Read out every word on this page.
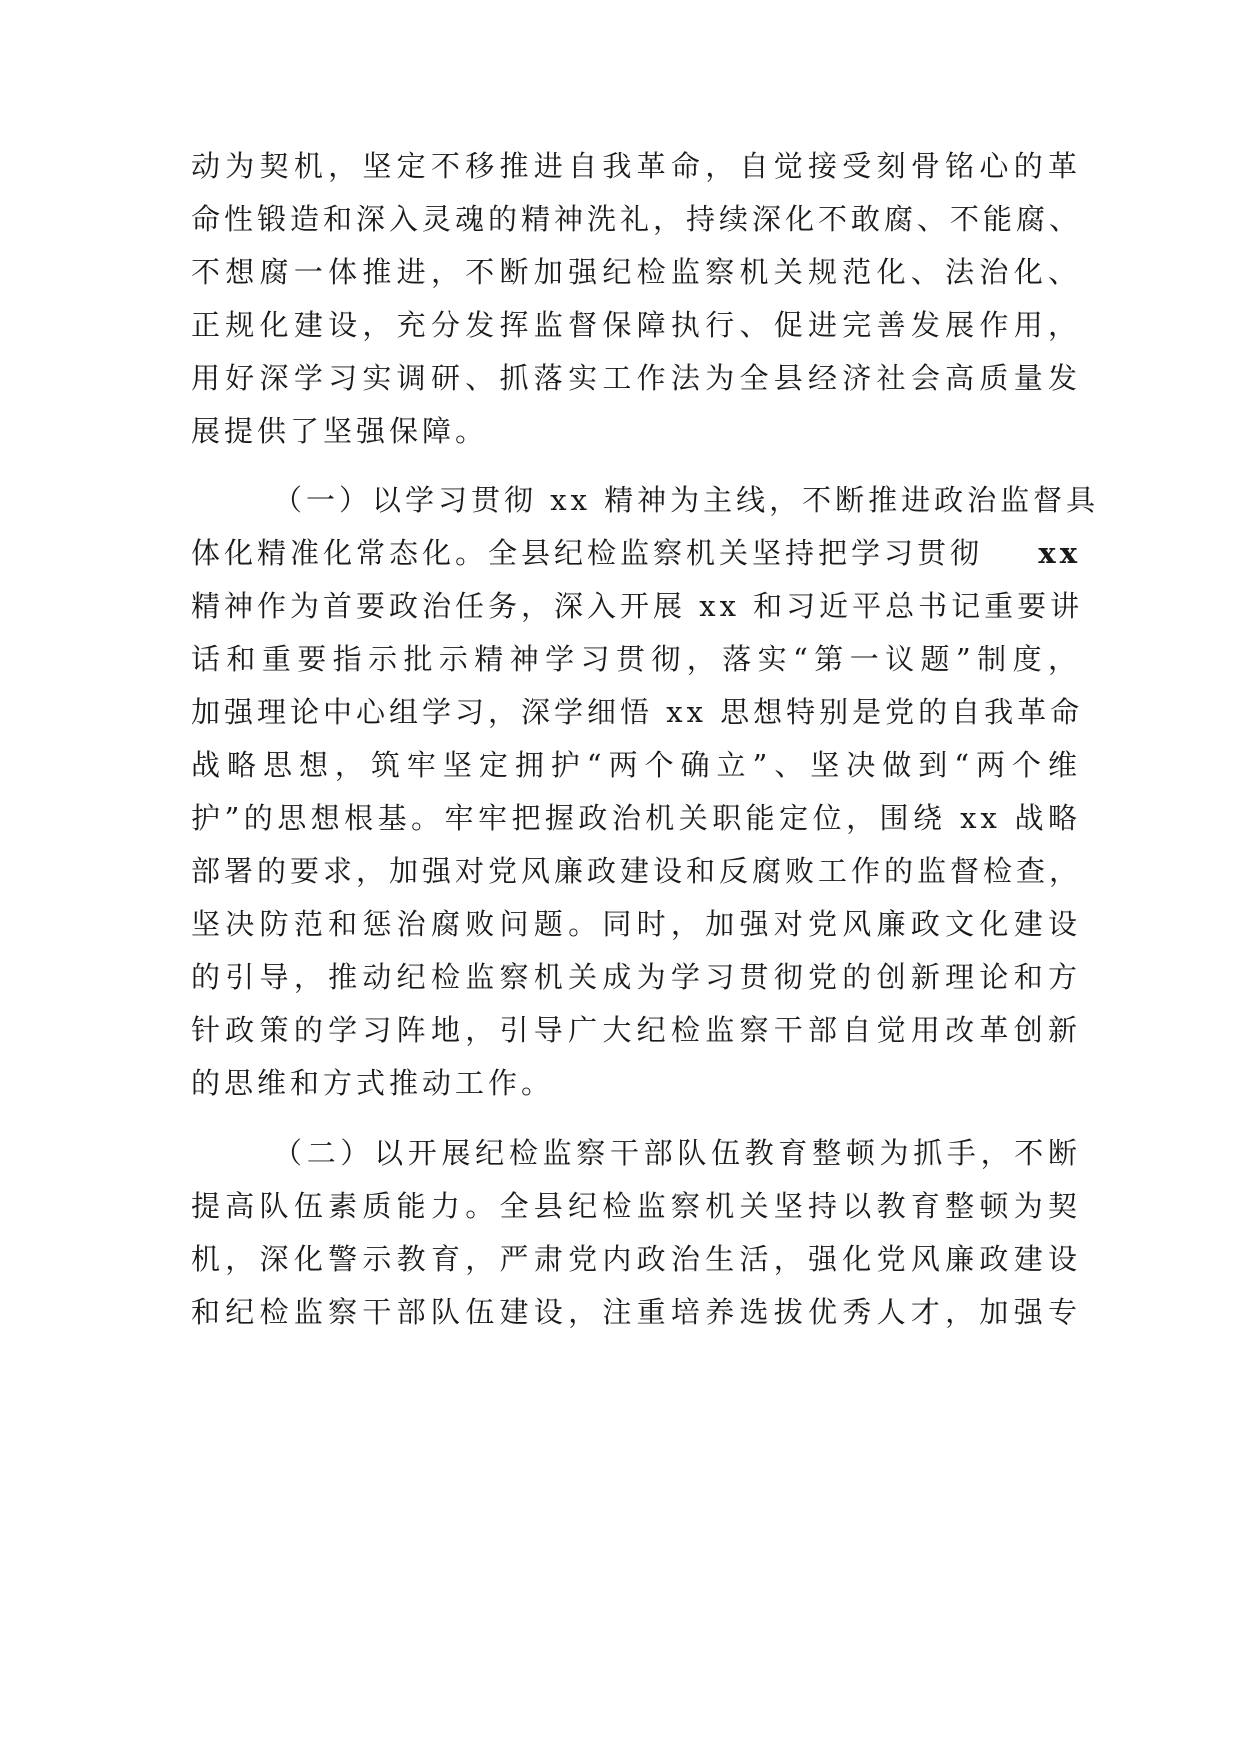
动为契机，坚定不移推进自我革命，自觉接受刻骨铭心的革
命性锻造和深入灵魂的精神洗礼，持续深化不敢腐、不能腐、
不想腐一体推进，不断加强纪检监察机关规范化、法治化、
正规化建设，充分发挥监督保障执行、促进完善发展作用，
用好深学习实调研、抓落实工作法为全县经济社会高质量发
展提供了坚强保障。
（一）以学习贯彻 xx 精神为主线，不断推进政治监督具
体化精准化常态化。全县纪检监察机关坚持把学习贯彻 xx
精神作为首要政治任务，深入开展 xx 和习近平总书记重要讲
话和重要指示批示精神学习贯彻，落实“第一议题”制度，
加强理论中心组学习，深学细悟 xx 思想特别是党的自我革命
战略思想，筑牢坚定拥护“两个确立”、坚决做到“两个维
护”的思想根基。牢牢把握政治机关职能定位，围绕 xx 战略
部署的要求，加强对党风廉政建设和反腐败工作的监督检查，
坚决防范和惩治腐败问题。同时，加强对党风廉政文化建设
的引导，推动纪检监察机关成为学习贯彻党的创新理论和方
针政策的学习阵地，引导广大纪检监察干部自觉用改革创新
的思维和方式推动工作。
（二）以开展纪检监察干部队伍教育整顿为抓手，不断
提高队伍素质能力。全县纪检监察机关坚持以教育整顿为契
机，深化警示教育，严肃党内政治生活，强化党风廉政建设
和纪检监察干部队伍建设，注重培养选拔优秀人才，加强专
